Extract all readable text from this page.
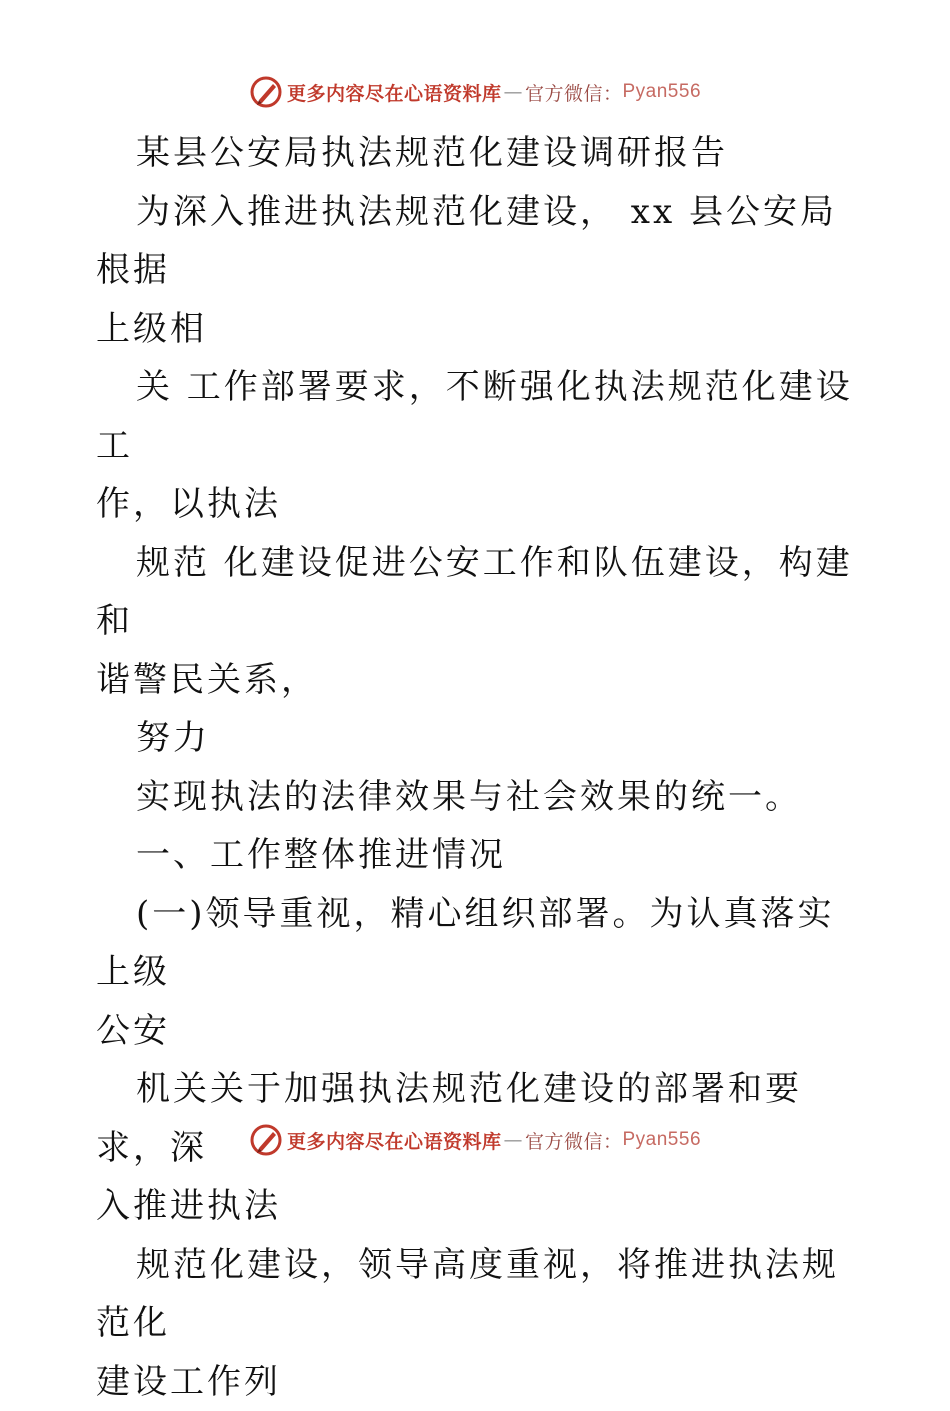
更多内容尽在心语资料库 — 官方微信： Pyan556

某县公安局执法规范化建设调研报告

为深入推进执法规范化建设， xx 县公安局根据

上级相

关 工作部署要求，不断强化执法规范化建设工

作，以执法

规范 化建设促进公安工作和队伍建设，构建和

谐警民关系，

努力

实现执法的法律效果与社会效果的统一。

一、工作整体推进情况

(一)领导重视，精心组织部署。为认真落实上级

公安

机关关于加强执法规范化建设的部署和要求，深

入推进执法

规范化建设，领导高度重视，将推进执法规范化

建设工作列

更多内容尽在心语资料库 — 官方微信： Pyan556
